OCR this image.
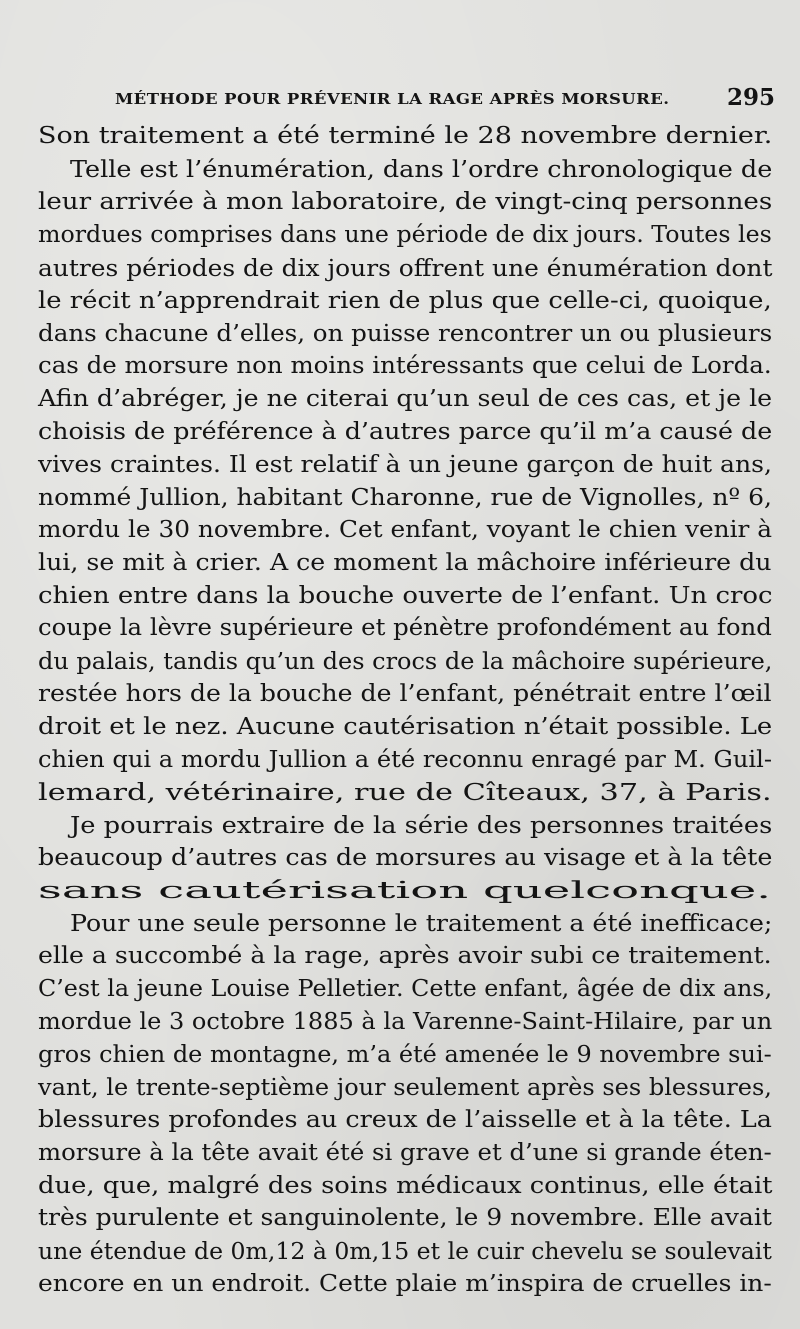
MÉTHODE POUR PRÉVENIR LA RAGE APRÈS MORSURE.	295
Son traitement a été terminé le 28 novembre dernier.
Telle est l’énumération, dans l’ordre chronologique de
leur arrivée à mon laboratoire, de vingt-cinq personnes
mordues comprises dans une période de dix jours. Toutes les
autres périodes de dix jours offrent une énumération dont
le récit n’apprendrait rien de plus que celle-ci, quoique,
dans chacune d’elles, on puisse rencontrer un ou plusieurs
cas de morsure non moins intéressants que celui de Lorda.
Afin d’abréger, je ne citerai qu’un seul de ces cas, et je le
choisis de préférence à d’autres parce qu’il m’a causé de
vives craintes. Il est relatif à un jeune garçon de huit ans,
nommé Jullion, habitant Charonne, rue de Vignolles, nº 6,
mordu le 30 novembre. Cet enfant, voyant le chien venir à
lui, se mit à crier. A ce moment la mâchoire inférieure du
chien entre dans la bouche ouverte de l’enfant. Un croc
coupe la lèvre supérieure et pénètre profondément au fond
du palais, tandis qu’un des crocs de la mâchoire supérieure,
restée hors de la bouche de l’enfant, pénétrait entre l’œil
droit et le nez. Aucune cautérisation n’était possible. Le
chien qui a mordu Jullion a été reconnu enragé par M. Guil-
lemard, vétérinaire, rue de Cîteaux, 37, à Paris.
Je pourrais extraire de la série des personnes traitées
beaucoup d’autres cas de morsures au visage et à la tête
sans cautérisation quelconque.
Pour une seule personne le traitement a été inefficace;
elle a succombé à la rage, après avoir subi ce traitement.
C’est la jeune Louise Pelletier. Cette enfant, âgée de dix ans,
mordue le 3 octobre 1885 à la Varenne-Saint-Hilaire, par un
gros chien de montagne, m’a été amenée le 9 novembre sui-
vant, le trente-septième jour seulement après ses blessures,
blessures profondes au creux de l’aisselle et à la tête. La
morsure à la tête avait été si grave et d’une si grande éten-
due, que, malgré des soins médicaux continus, elle était
très purulente et sanguinolente, le 9 novembre. Elle avait
une étendue de 0m,12 à 0m,15 et le cuir chevelu se soulevait
encore en un endroit. Cette plaie m’inspira de cruelles in-
